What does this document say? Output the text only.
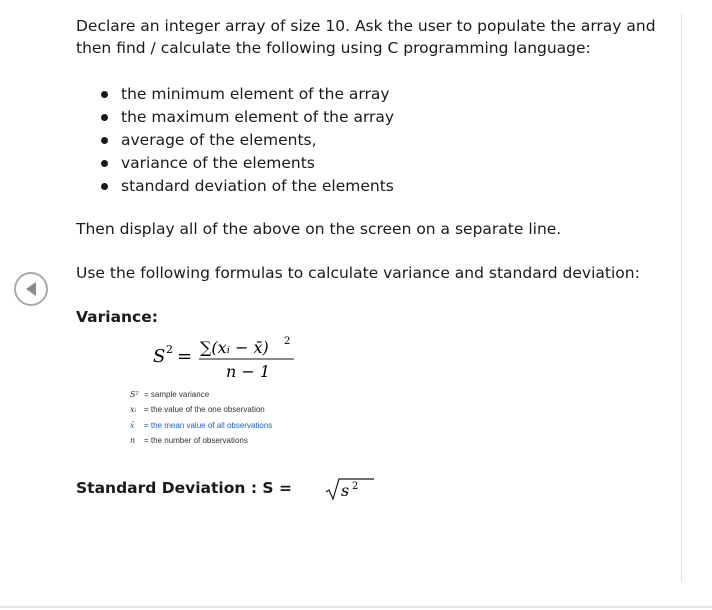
Declare an integer array of size 10. Ask the user to populate the array and
then find / calculate the following using C programming language:
the minimum element of the array
the maximum element of the array
average of the elements,
variance of the elements
standard deviation of the elements
Then display all of the above on the screen on a separate line.
Use the following formulas to calculate variance and standard deviation:
Variance:
S 2 = ∑(xᵢ − x̄) 2
n − 1
S² = sample variance
xᵢ = the value of the one observation
x̄ = the mean value of all observations
n = the number of observations
Standard Deviation : S =	s 2
